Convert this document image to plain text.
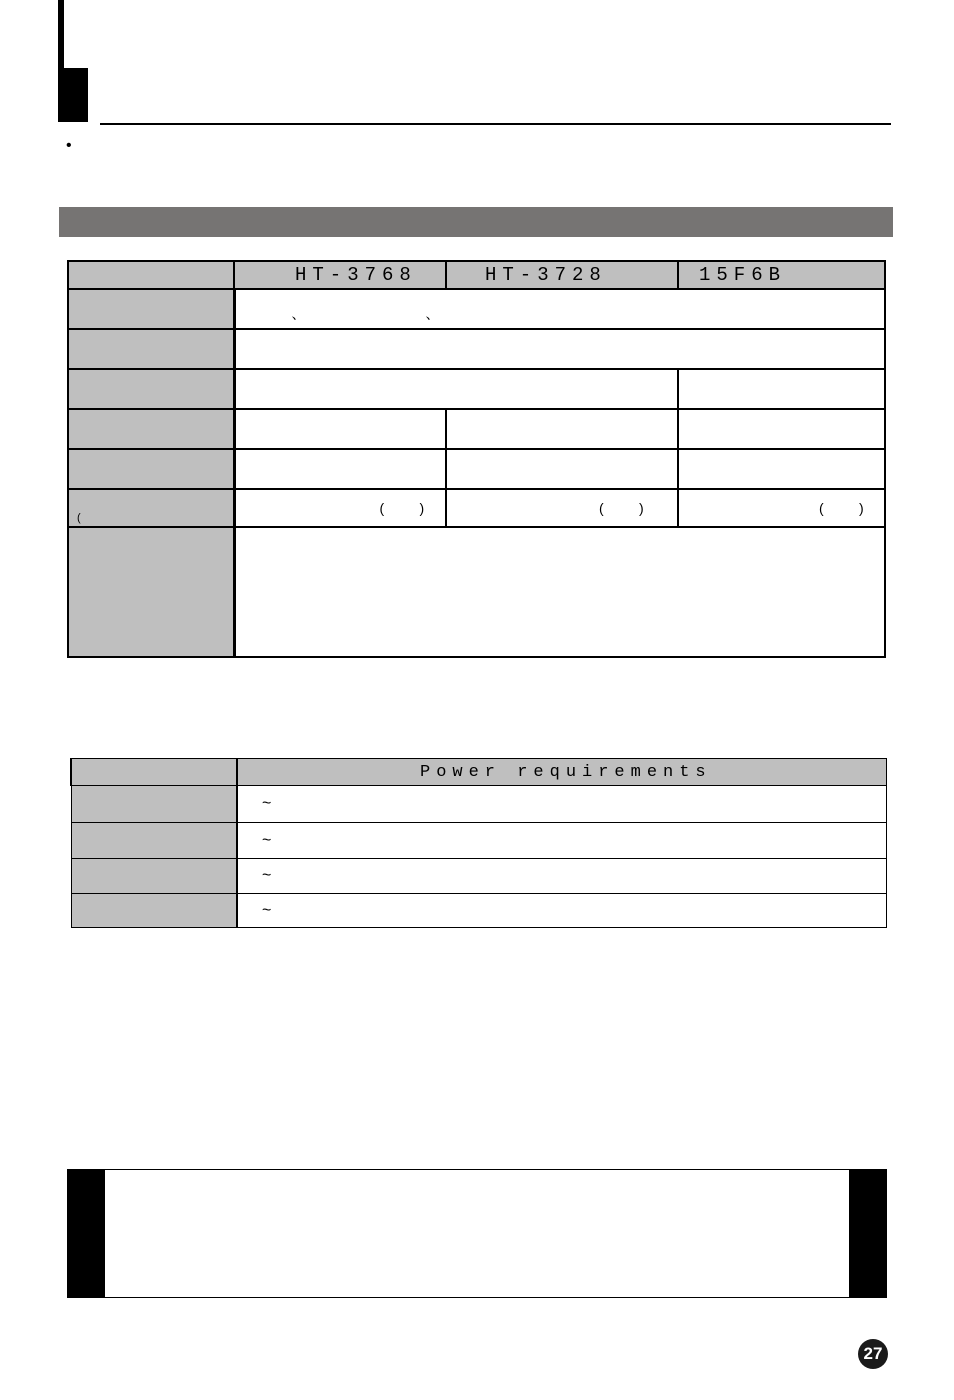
•
	HT-3768	HT-3728	15F6B

	、 、		

(	( )	( )	( )

	Power requirements
	~
	~
	~
	~
27
